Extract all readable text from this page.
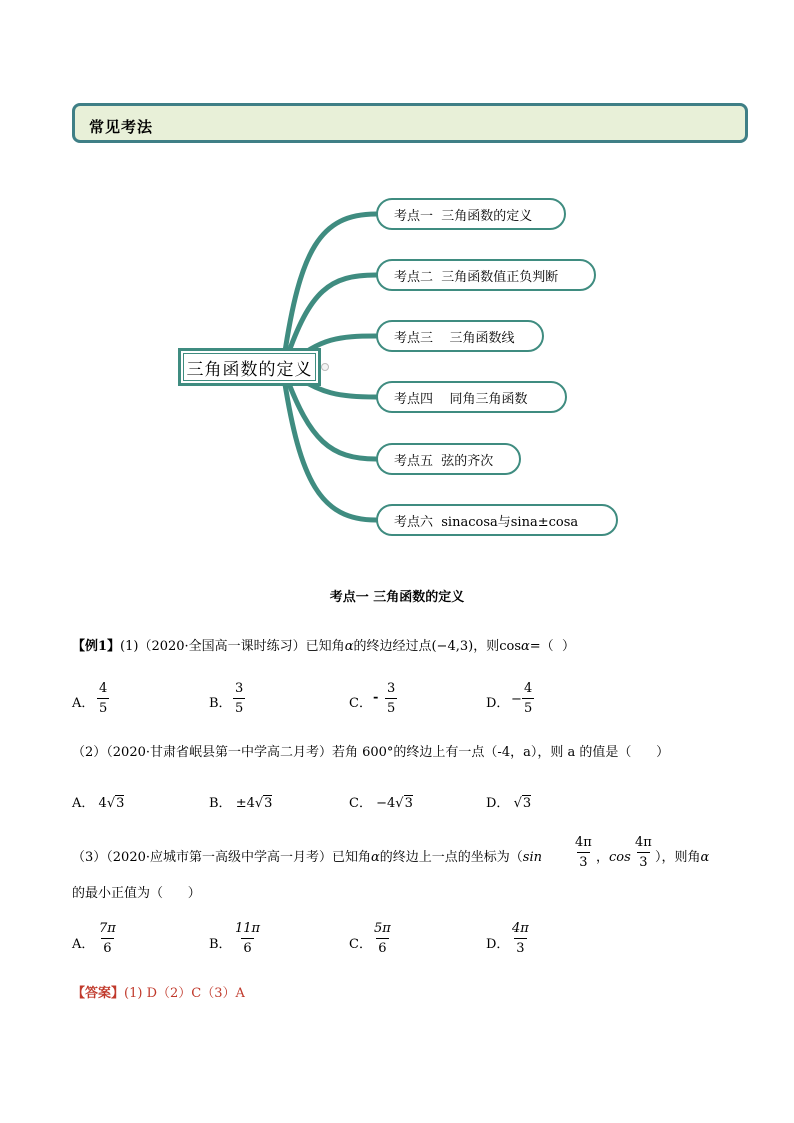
常见考法
三角函数的定义
考点一  三角函数的定义
考点二  三角函数值正负判断
考点三    三角函数线
考点四    同角三角函数
考点五  弦的齐次
考点六  sinacosa与sina±cosa
考点一 三角函数的定义
【例1】(1)（2020·全国高一课时练习）已知角α的终边经过点(−4,3)，则cosα=（  ）
A． $\frac{4}{5}$	B． $\frac{3}{5}$	C． - $\frac{3}{5}$	D． − $\frac{4}{5}$
（2）（2020·甘肃省岷县第一中学高二月考）若角 600°的终边上有一点（-4，a），则 a 的值是（      ）
A． 4√3	B． ±4√3	C． −4√3	D． √3
（3）（2020·应城市第一高级中学高一月考）已知角α的终边上一点的坐标为（$\sin \frac{4\pi}{3}$ ，$\cos \frac{4\pi}{3}$ ），则角α
的最小正值为（      ）
A． $\frac{7\pi}{6}$	B． $\frac{11\pi}{6}$	C． $\frac{5\pi}{6}$	D． $\frac{4\pi}{3}$
【答案】(1) D（2）C（3）A
